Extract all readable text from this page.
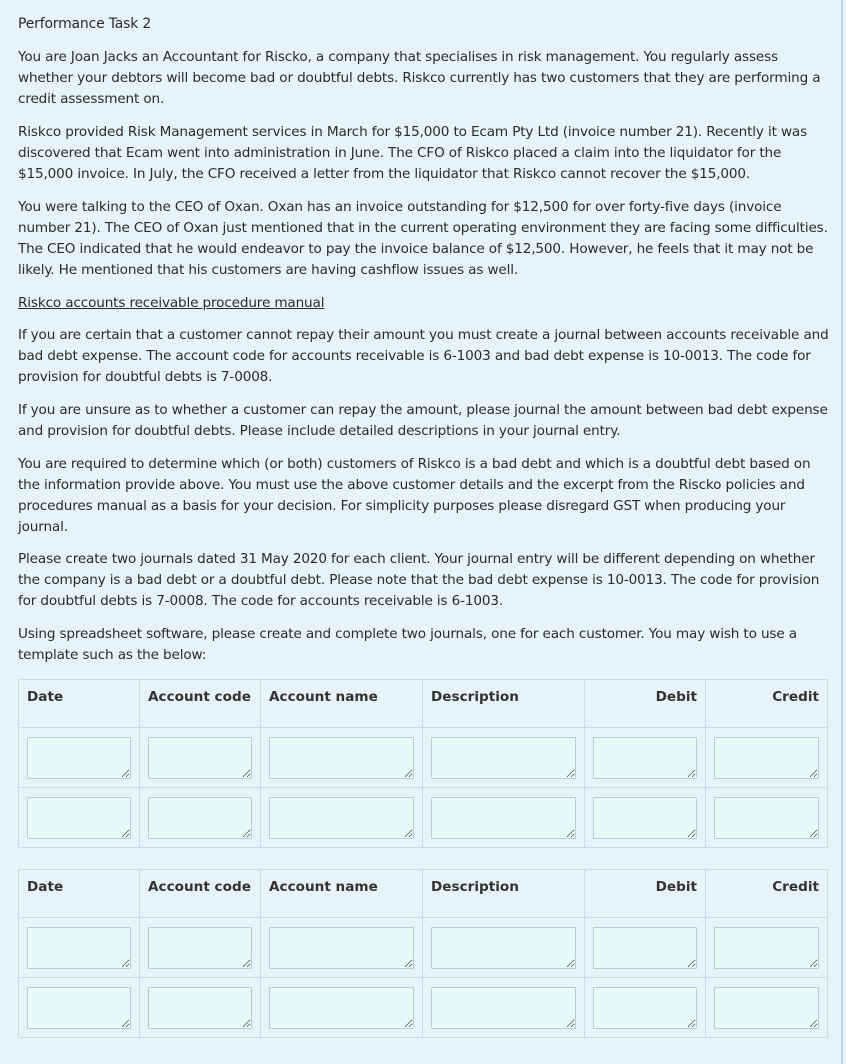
Performance Task 2

You are Joan Jacks an Accountant for Riscko, a company that specialises in risk management. You regularly assess whether your debtors will become bad or doubtful debts. Riskco currently has two customers that they are performing a credit assessment on.

Riskco provided Risk Management services in March for $15,000 to Ecam Pty Ltd (invoice number 21). Recently it was discovered that Ecam went into administration in June. The CFO of Riskco placed a claim into the liquidator for the $15,000 invoice. In July, the CFO received a letter from the liquidator that Riskco cannot recover the $15,000.

You were talking to the CEO of Oxan. Oxan has an invoice outstanding for $12,500 for over forty-five days (invoice number 21). The CEO of Oxan just mentioned that in the current operating environment they are facing some difficulties. The CEO indicated that he would endeavor to pay the invoice balance of $12,500. However, he feels that it may not be likely. He mentioned that his customers are having cashflow issues as well.

Riskco accounts receivable procedure manual

If you are certain that a customer cannot repay their amount you must create a journal between accounts receivable and bad debt expense. The account code for accounts receivable is 6-1003 and bad debt expense is 10-0013. The code for provision for doubtful debts is 7-0008.

If you are unsure as to whether a customer can repay the amount, please journal the amount between bad debt expense and provision for doubtful debts. Please include detailed descriptions in your journal entry.

You are required to determine which (or both) customers of Riskco is a bad debt and which is a doubtful debt based on the information provide above. You must use the above customer details and the excerpt from the Riscko policies and procedures manual as a basis for your decision. For simplicity purposes please disregard GST when producing your journal.

Please create two journals dated 31 May 2020 for each client. Your journal entry will be different depending on whether the company is a bad debt or a doubtful debt. Please note that the bad debt expense is 10-0013. The code for provision for doubtful debts is 7-0008. The code for accounts receivable is 6-1003.

Using spreadsheet software, please create and complete two journals, one for each customer. You may wish to use a template such as the below:

Date	Account code	Account name	Description	Debit	Credit

Date	Account code	Account name	Description	Debit	Credit
